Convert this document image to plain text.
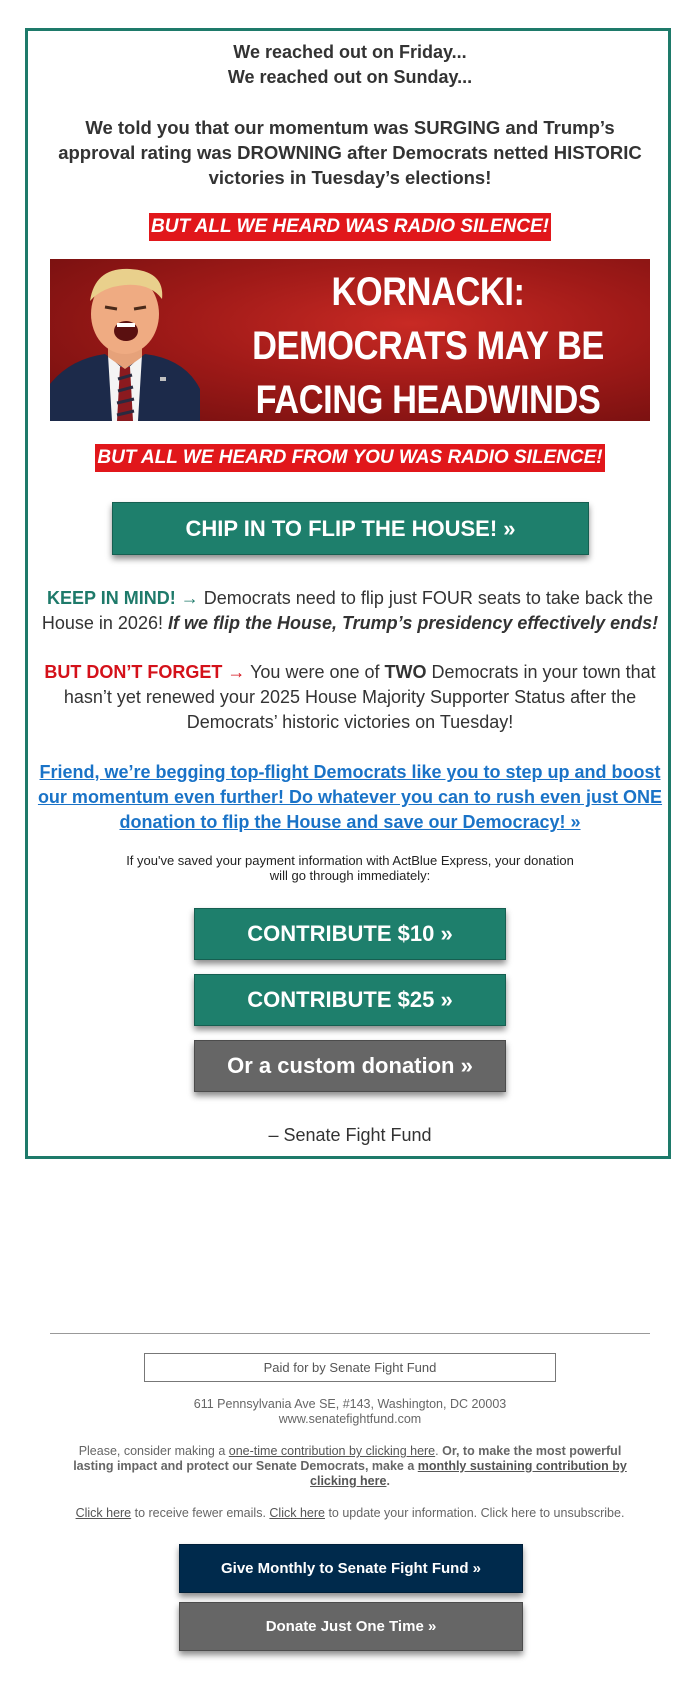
We reached out on Friday...
We reached out on Sunday...
We told you that our momentum was SURGING and Trump’s approval rating was DROWNING after Democrats netted HISTORIC victories in Tuesday’s elections!
BUT ALL WE HEARD WAS RADIO SILENCE!
KORNACKI: DEMOCRATS MAY BE
FACING HEADWINDS
BUT ALL WE HEARD FROM YOU WAS RADIO SILENCE!
CHIP IN TO FLIP THE HOUSE! »
KEEP IN MIND! → Democrats need to flip just FOUR seats to take back the House in 2026! If we flip the House, Trump’s presidency effectively ends!
BUT DON’T FORGET → You were one of TWO Democrats in your town that hasn’t yet renewed your 2025 House Majority Supporter Status after the Democrats’ historic victories on Tuesday!
Friend, we’re begging top-flight Democrats like you to step up and boost our momentum even further! Do whatever you can to rush even just ONE donation to flip the House and save our Democracy! »
If you've saved your payment information with ActBlue Express, your donation will go through immediately:
CONTRIBUTE $10 »
CONTRIBUTE $25 »
Or a custom donation »
– Senate Fight Fund
Paid for by Senate Fight Fund
611 Pennsylvania Ave SE, #143, Washington, DC 20003
www.senatefightfund.com
Please, consider making a one-time contribution by clicking here. Or, to make the most powerful lasting impact and protect our Senate Democrats, make a monthly sustaining contribution by clicking here.
Click here to receive fewer emails. Click here to update your information. Click here to unsubscribe.
Give Monthly to Senate Fight Fund »
Donate Just One Time »
